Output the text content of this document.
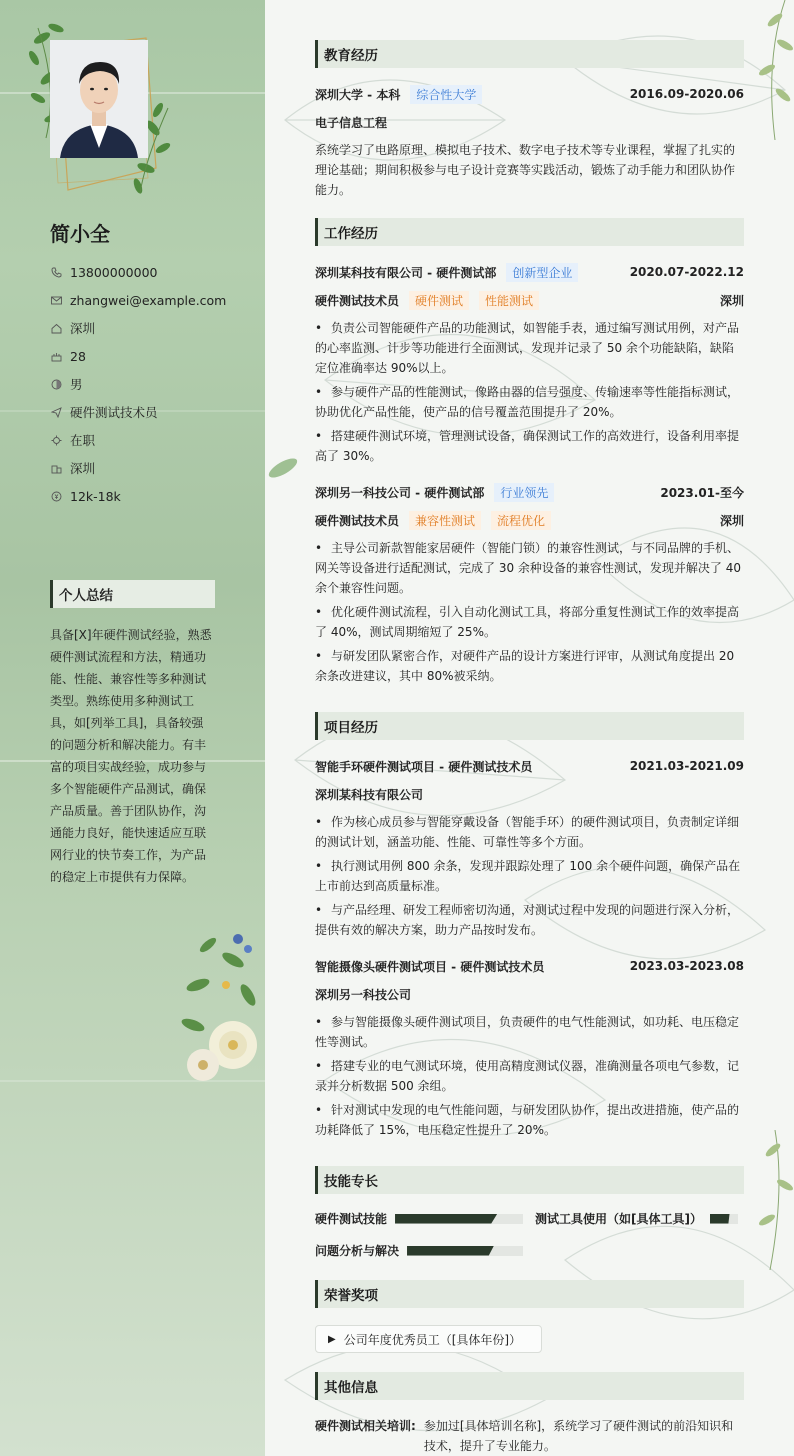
简小全
13800000000
zhangwei@example.com
深圳
28
男
硬件测试技术员
在职
深圳
12k-18k
个人总结
具备[X]年硬件测试经验，熟悉硬件测试流程和方法，精通功能、性能、兼容性等多种测试类型。熟练使用多种测试工具，如[列举工具]，具备较强的问题分析和解决能力。有丰富的项目实战经验，成功参与多个智能硬件产品测试，确保产品质量。善于团队协作，沟通能力良好，能快速适应互联网行业的快节奏工作，为产品的稳定上市提供有力保障。
教育经历
深圳大学 - 本科	综合性大学	2016.09-2020.06
电子信息工程
系统学习了电路原理、模拟电子技术、数字电子技术等专业课程，掌握了扎实的理论基础；期间积极参与电子设计竞赛等实践活动，锻炼了动手能力和团队协作能力。
工作经历
深圳某科技有限公司 - 硬件测试部	创新型企业	2020.07-2022.12
硬件测试技术员	硬件测试	性能测试	深圳
• 负责公司智能硬件产品的功能测试，如智能手表，通过编写测试用例，对产品的心率监测、计步等功能进行全面测试，发现并记录了 50 余个功能缺陷，缺陷定位准确率达 90%以上。
• 参与硬件产品的性能测试，像路由器的信号强度、传输速率等性能指标测试，协助优化产品性能，使产品的信号覆盖范围提升了 20%。
• 搭建硬件测试环境，管理测试设备，确保测试工作的高效进行，设备利用率提高了 30%。
深圳另一科技公司 - 硬件测试部	行业领先	2023.01-至今
硬件测试技术员	兼容性测试	流程优化	深圳
• 主导公司新款智能家居硬件（智能门锁）的兼容性测试，与不同品牌的手机、网关等设备进行适配测试，完成了 30 余种设备的兼容性测试，发现并解决了 40 余个兼容性问题。
• 优化硬件测试流程，引入自动化测试工具，将部分重复性测试工作的效率提高了 40%，测试周期缩短了 25%。
• 与研发团队紧密合作，对硬件产品的设计方案进行评审，从测试角度提出 20 余条改进建议，其中 80%被采纳。
项目经历
智能手环硬件测试项目 - 硬件测试技术员	2021.03-2021.09
深圳某科技有限公司
• 作为核心成员参与智能穿戴设备（智能手环）的硬件测试项目，负责制定详细的测试计划，涵盖功能、性能、可靠性等多个方面。
• 执行测试用例 800 余条，发现并跟踪处理了 100 余个硬件问题，确保产品在上市前达到高质量标准。
• 与产品经理、研发工程师密切沟通，对测试过程中发现的问题进行深入分析，提供有效的解决方案，助力产品按时发布。
智能摄像头硬件测试项目 - 硬件测试技术员	2023.03-2023.08
深圳另一科技公司
• 参与智能摄像头硬件测试项目，负责硬件的电气性能测试，如功耗、电压稳定性等测试。
• 搭建专业的电气测试环境，使用高精度测试仪器，准确测量各项电气参数，记录并分析数据 500 余组。
• 针对测试中发现的电气性能问题，与研发团队协作，提出改进措施，使产品的功耗降低了 15%，电压稳定性提升了 20%。
技能专长
硬件测试技能	测试工具使用（如[具体工具]）
问题分析与解决
荣誉奖项
▶ 公司年度优秀员工（[具体年份]）
其他信息
硬件测试相关培训: 参加过[具体培训名称]，系统学习了硬件测试的前沿知识和技术，提升了专业能力。
